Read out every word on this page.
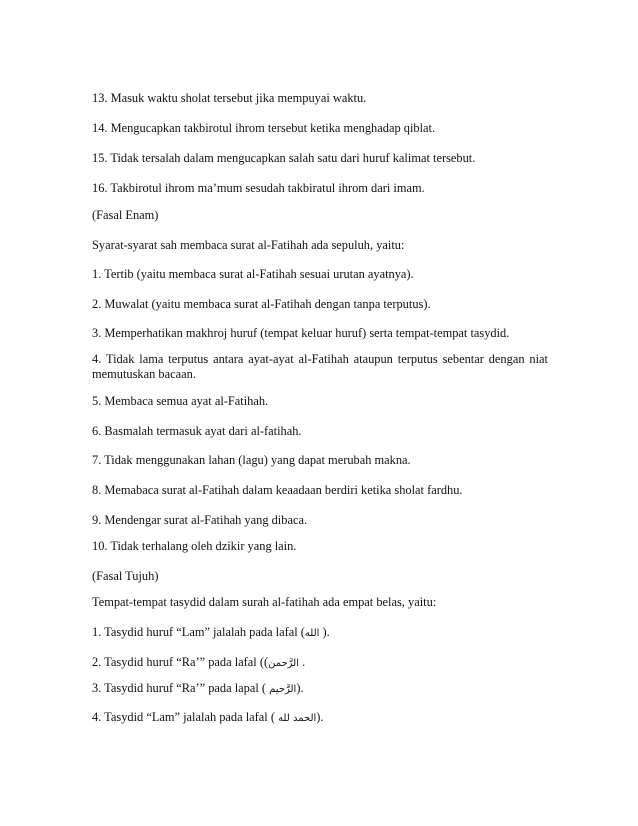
13. Masuk waktu sholat tersebut jika mempuyai waktu.

14. Mengucapkan takbirotul ihrom tersebut ketika menghadap qiblat.

15. Tidak tersalah dalam mengucapkan salah satu dari huruf kalimat tersebut.

16. Takbirotul ihrom ma’mum sesudah takbiratul ihrom dari imam.

(Fasal Enam)

Syarat-syarat sah membaca surat al-Fatihah ada sepuluh, yaitu:

1. Tertib (yaitu membaca surat al-Fatihah sesuai urutan ayatnya).

2. Muwalat (yaitu membaca surat al-Fatihah dengan tanpa terputus).

3. Memperhatikan makhroj huruf (tempat keluar huruf) serta tempat-tempat tasydid.

4. Tidak lama terputus antara ayat-ayat al-Fatihah ataupun terputus sebentar dengan niat memutuskan bacaan.

5. Membaca semua ayat al-Fatihah.

6. Basmalah termasuk ayat dari al-fatihah.

7. Tidak menggunakan lahan (lagu) yang dapat merubah makna.

8. Memabaca surat al-Fatihah dalam keaadaan berdiri ketika sholat fardhu.

9. Mendengar surat al-Fatihah yang dibaca.

10. Tidak terhalang oleh dzikir yang lain.

(Fasal Tujuh)

Tempat-tempat tasydid dalam surah al-fatihah ada empat belas, yaitu:

1. Tasydid huruf “Lam” jalalah pada lafal (الله ).

2. Tasydid huruf “Ra’” pada lafal ((الرَّحمن .

3. Tasydid huruf “Ra’” pada lapal ( الرَّحيم).

4. Tasydid “Lam” jalalah pada lafal ( الحمد لله).
